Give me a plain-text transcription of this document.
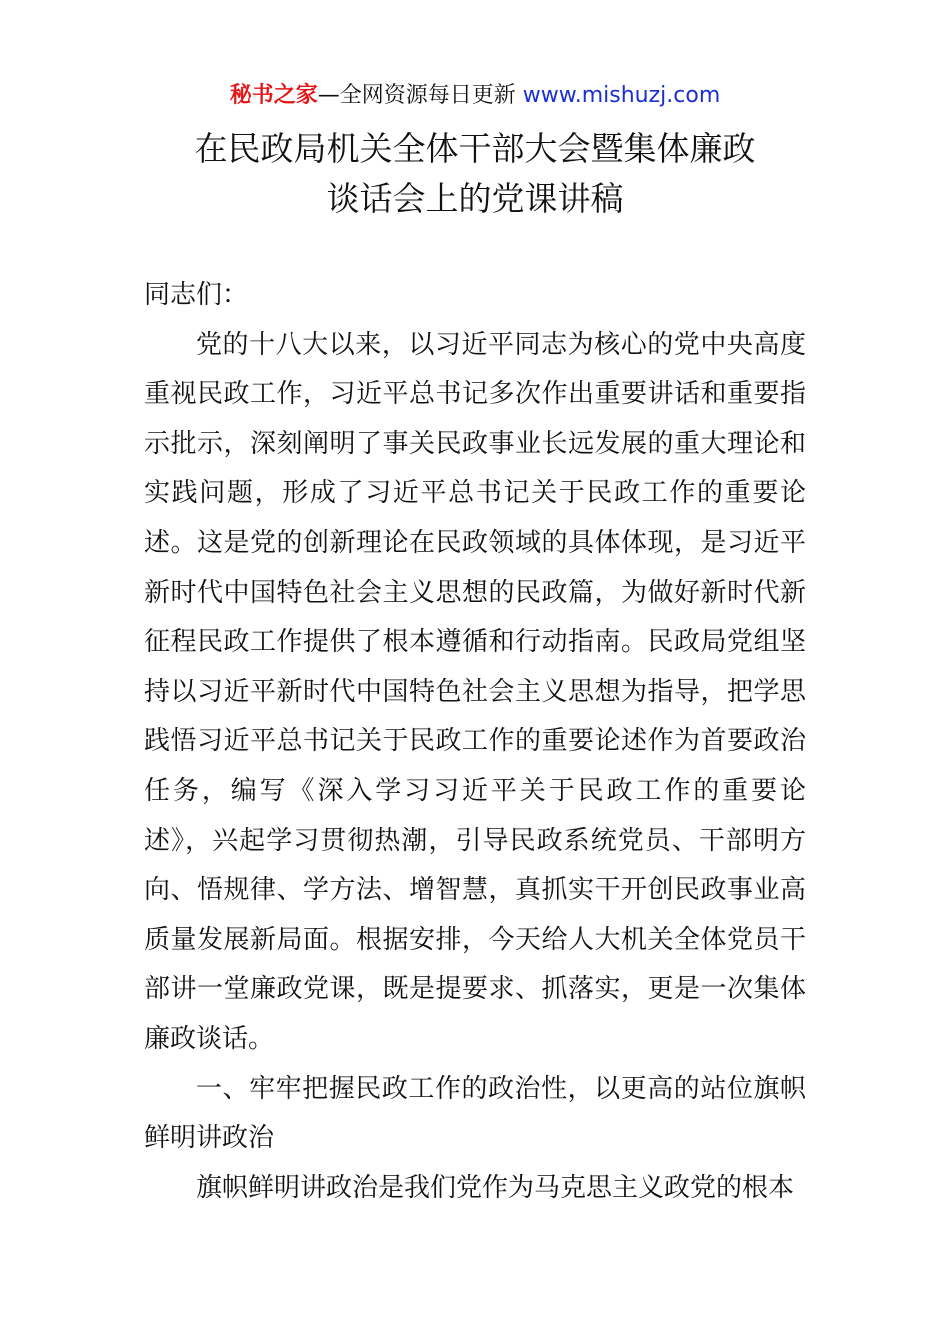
秘书之家—全网资源每日更新 www.mishuzj.com
在民政局机关全体干部大会暨集体廉政
谈话会上的党课讲稿

同志们：

党的十八大以来，以习近平同志为核心的党中央高度重视民政工作，习近平总书记多次作出重要讲话和重要指示批示，深刻阐明了事关民政事业长远发展的重大理论和实践问题，形成了习近平总书记关于民政工作的重要论述。这是党的创新理论在民政领域的具体体现，是习近平新时代中国特色社会主义思想的民政篇，为做好新时代新征程民政工作提供了根本遵循和行动指南。民政局党组坚持以习近平新时代中国特色社会主义思想为指导，把学思践悟习近平总书记关于民政工作的重要论述作为首要政治任务，编写《深入学习习近平关于民政工作的重要论述》，兴起学习贯彻热潮，引导民政系统党员、干部明方向、悟规律、学方法、增智慧，真抓实干开创民政事业高质量发展新局面。根据安排，今天给人大机关全体党员干部讲一堂廉政党课，既是提要求、抓落实，更是一次集体廉政谈话。

一、牢牢把握民政工作的政治性，以更高的站位旗帜鲜明讲政治

旗帜鲜明讲政治是我们党作为马克思主义政党的根本
